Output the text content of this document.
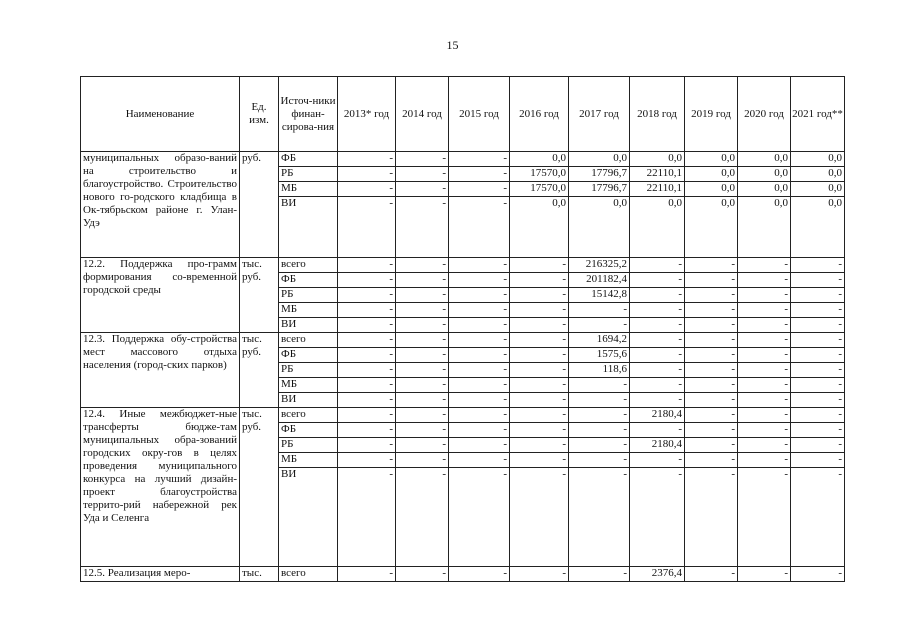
15
Наименование	Ед. изм.	Источ-ники финан-сирова-ния	2013* год	2014 год	2015 год	2016 год	2017 год	2018 год	2019 год	2020 год	2021 год**
муниципальных образо-ваний на строительство и благоустройство. Строительство нового го-родского кладбища в Ок-тябрьском районе г. Улан-Удэ	руб.	ФБ	-	-	-	0,0	0,0	0,0	0,0	0,0	0,0
		РБ	-	-	-	17570,0	17796,7	22110,1	0,0	0,0	0,0
		МБ	-	-	-	17570,0	17796,7	22110,1	0,0	0,0	0,0
		ВИ	-	-	-	0,0	0,0	0,0	0,0	0,0	0,0
12.2. Поддержка про-грамм формирования со-временной городской среды	тыс. руб.	всего	-	-	-	-	216325,2	-	-	-	-
		ФБ	-	-	-	-	201182,4	-	-	-	-
		РБ	-	-	-	-	15142,8	-	-	-	-
		МБ	-	-	-	-	-	-	-	-	-
		ВИ	-	-	-	-	-	-	-	-	-
12.3. Поддержка обу-стройства мест массового отдыха населения (город-ских парков)	тыс. руб.	всего	-	-	-	-	1694,2	-	-	-	-
		ФБ	-	-	-	-	1575,6	-	-	-	-
		РБ	-	-	-	-	118,6	-	-	-	-
		МБ	-	-	-	-	-	-	-	-	-
		ВИ	-	-	-	-	-	-	-	-	-
12.4. Иные межбюджет-ные трансферты бюдже-там муниципальных обра-зований городских окру-гов в целях проведения муниципального конкурса на лучший дизайн-проект благоустройства террито-рий набережной рек Уда и Селенга	тыс. руб.	всего	-	-	-	-	-	2180,4	-	-	-
		ФБ	-	-	-	-	-	-	-	-	-
		РБ	-	-	-	-	-	2180,4	-	-	-
		МБ	-	-	-	-	-	-	-	-	-
		ВИ	-	-	-	-	-	-	-	-	-
12.5. Реализация меро-	тыс.	всего	-	-	-	-	-	2376,4	-	-	-
